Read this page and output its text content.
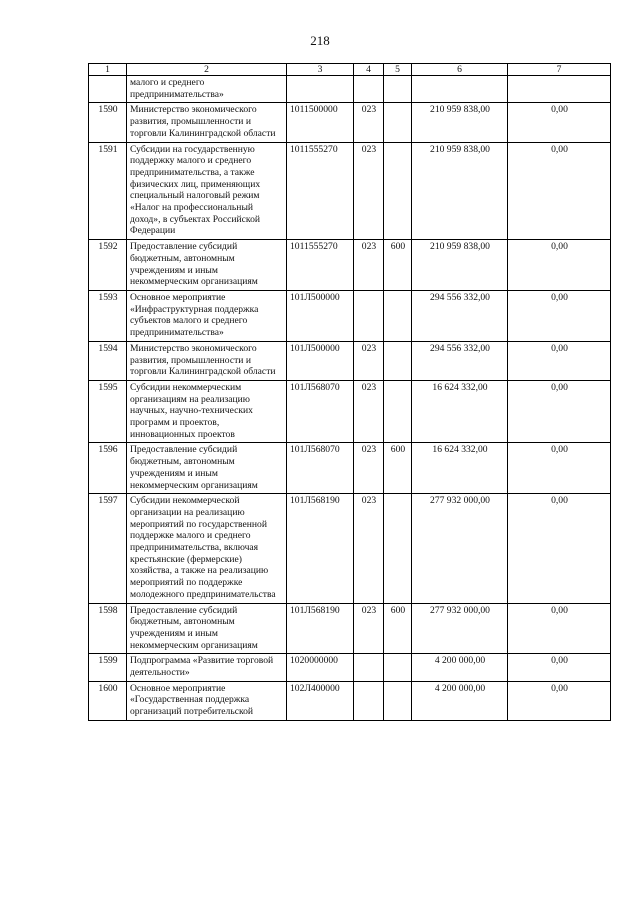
218
1	2	3	4	5	6	7
	малого и среднего предпринимательства»					
1590	Министерство экономического развития, промышленности и торговли Калининградской области	1011500000	023		210 959 838,00	0,00
1591	Субсидии на государственную поддержку малого и среднего предпринимательства, а также физических лиц, применяющих специальный налоговый режим «Налог на профессиональный доход», в субъектах Российской Федерации	1011555270	023		210 959 838,00	0,00
1592	Предоставление субсидий бюджетным, автономным учреждениям и иным некоммерческим организациям	1011555270	023	600	210 959 838,00	0,00
1593	Основное мероприятие «Инфраструктурная поддержка субъектов малого и среднего предпринимательства»	101Л500000			294 556 332,00	0,00
1594	Министерство экономического развития, промышленности и торговли Калининградской области	101Л500000	023		294 556 332,00	0,00
1595	Субсидии некоммерческим организациям на реализацию научных, научно-технических программ и проектов, инновационных проектов	101Л568070	023		16 624 332,00	0,00
1596	Предоставление субсидий бюджетным, автономным учреждениям и иным некоммерческим организациям	101Л568070	023	600	16 624 332,00	0,00
1597	Субсидии некоммерческой организации на реализацию мероприятий по государственной поддержке малого и среднего предпринимательства, включая крестьянские (фермерские) хозяйства, а также на реализацию мероприятий по поддержке молодежного предпринимательства	101Л568190	023		277 932 000,00	0,00
1598	Предоставление субсидий бюджетным, автономным учреждениям и иным некоммерческим организациям	101Л568190	023	600	277 932 000,00	0,00
1599	Подпрограмма «Развитие торговой деятельности»	1020000000			4 200 000,00	0,00
1600	Основное мероприятие «Государственная поддержка организаций потребительской	102Л400000			4 200 000,00	0,00
